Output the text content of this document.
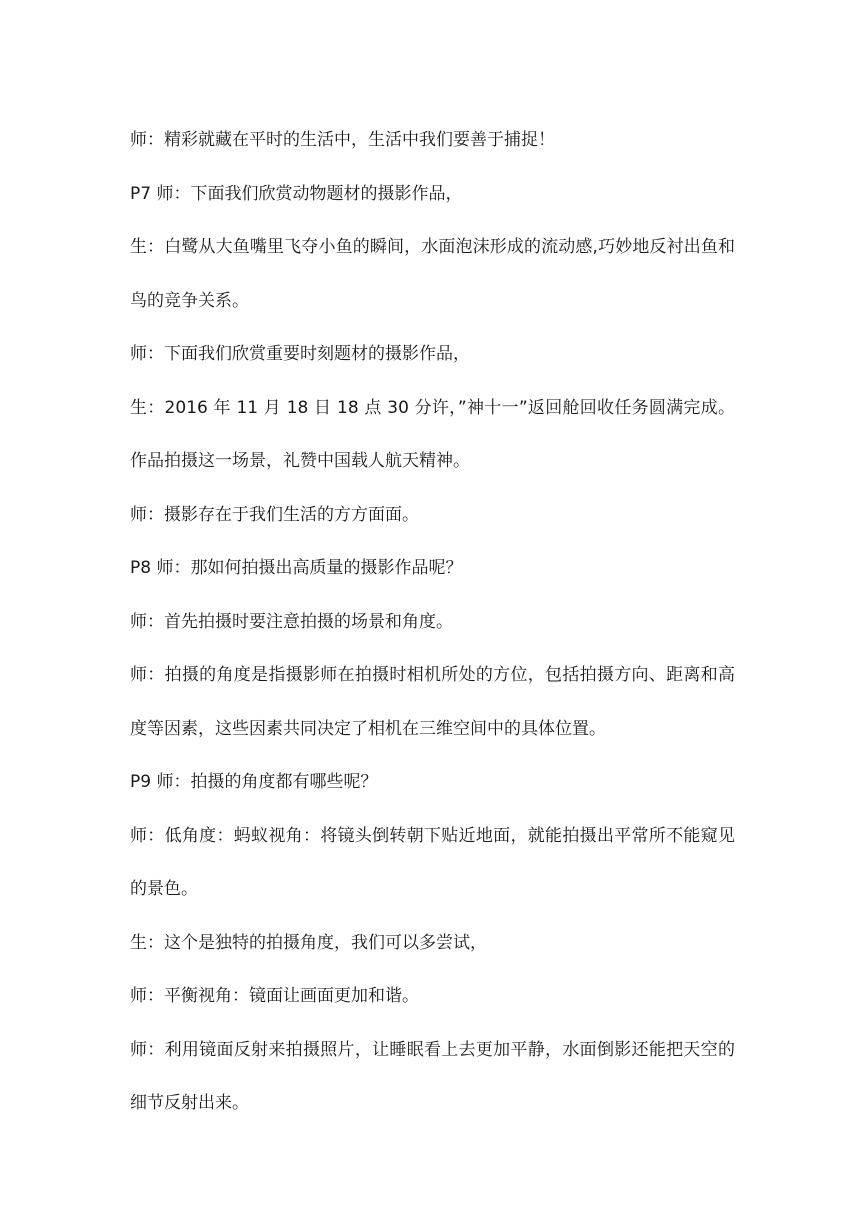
师：精彩就藏在平时的生活中，生活中我们要善于捕捉！

P7 师：下面我们欣赏动物题材的摄影作品，

生：白鹭从大鱼嘴里飞夺小鱼的瞬间，水面泡沫形成的流动感,巧妙地反衬出鱼和鸟的竞争关系。

师：下面我们欣赏重要时刻题材的摄影作品，

生：2016 年 11 月 18 日 18 点 30 分许，”神十一”返回舱回收任务圆满完成。作品拍摄这一场景，礼赞中国载人航天精神。

师：摄影存在于我们生活的方方面面。

P8 师：那如何拍摄出高质量的摄影作品呢？

师：首先拍摄时要注意拍摄的场景和角度。

师：拍摄的角度是指摄影师在拍摄时相机所处的方位，包括拍摄方向、距离和高度等因素，这些因素共同决定了相机在三维空间中的具体位置。

P9 师：拍摄的角度都有哪些呢？

师：低角度：蚂蚁视角：将镜头倒转朝下贴近地面，就能拍摄出平常所不能窥见的景色。

生：这个是独特的拍摄角度，我们可以多尝试，

师：平衡视角：镜面让画面更加和谐。

师：利用镜面反射来拍摄照片，让睡眠看上去更加平静，水面倒影还能把天空的细节反射出来。
